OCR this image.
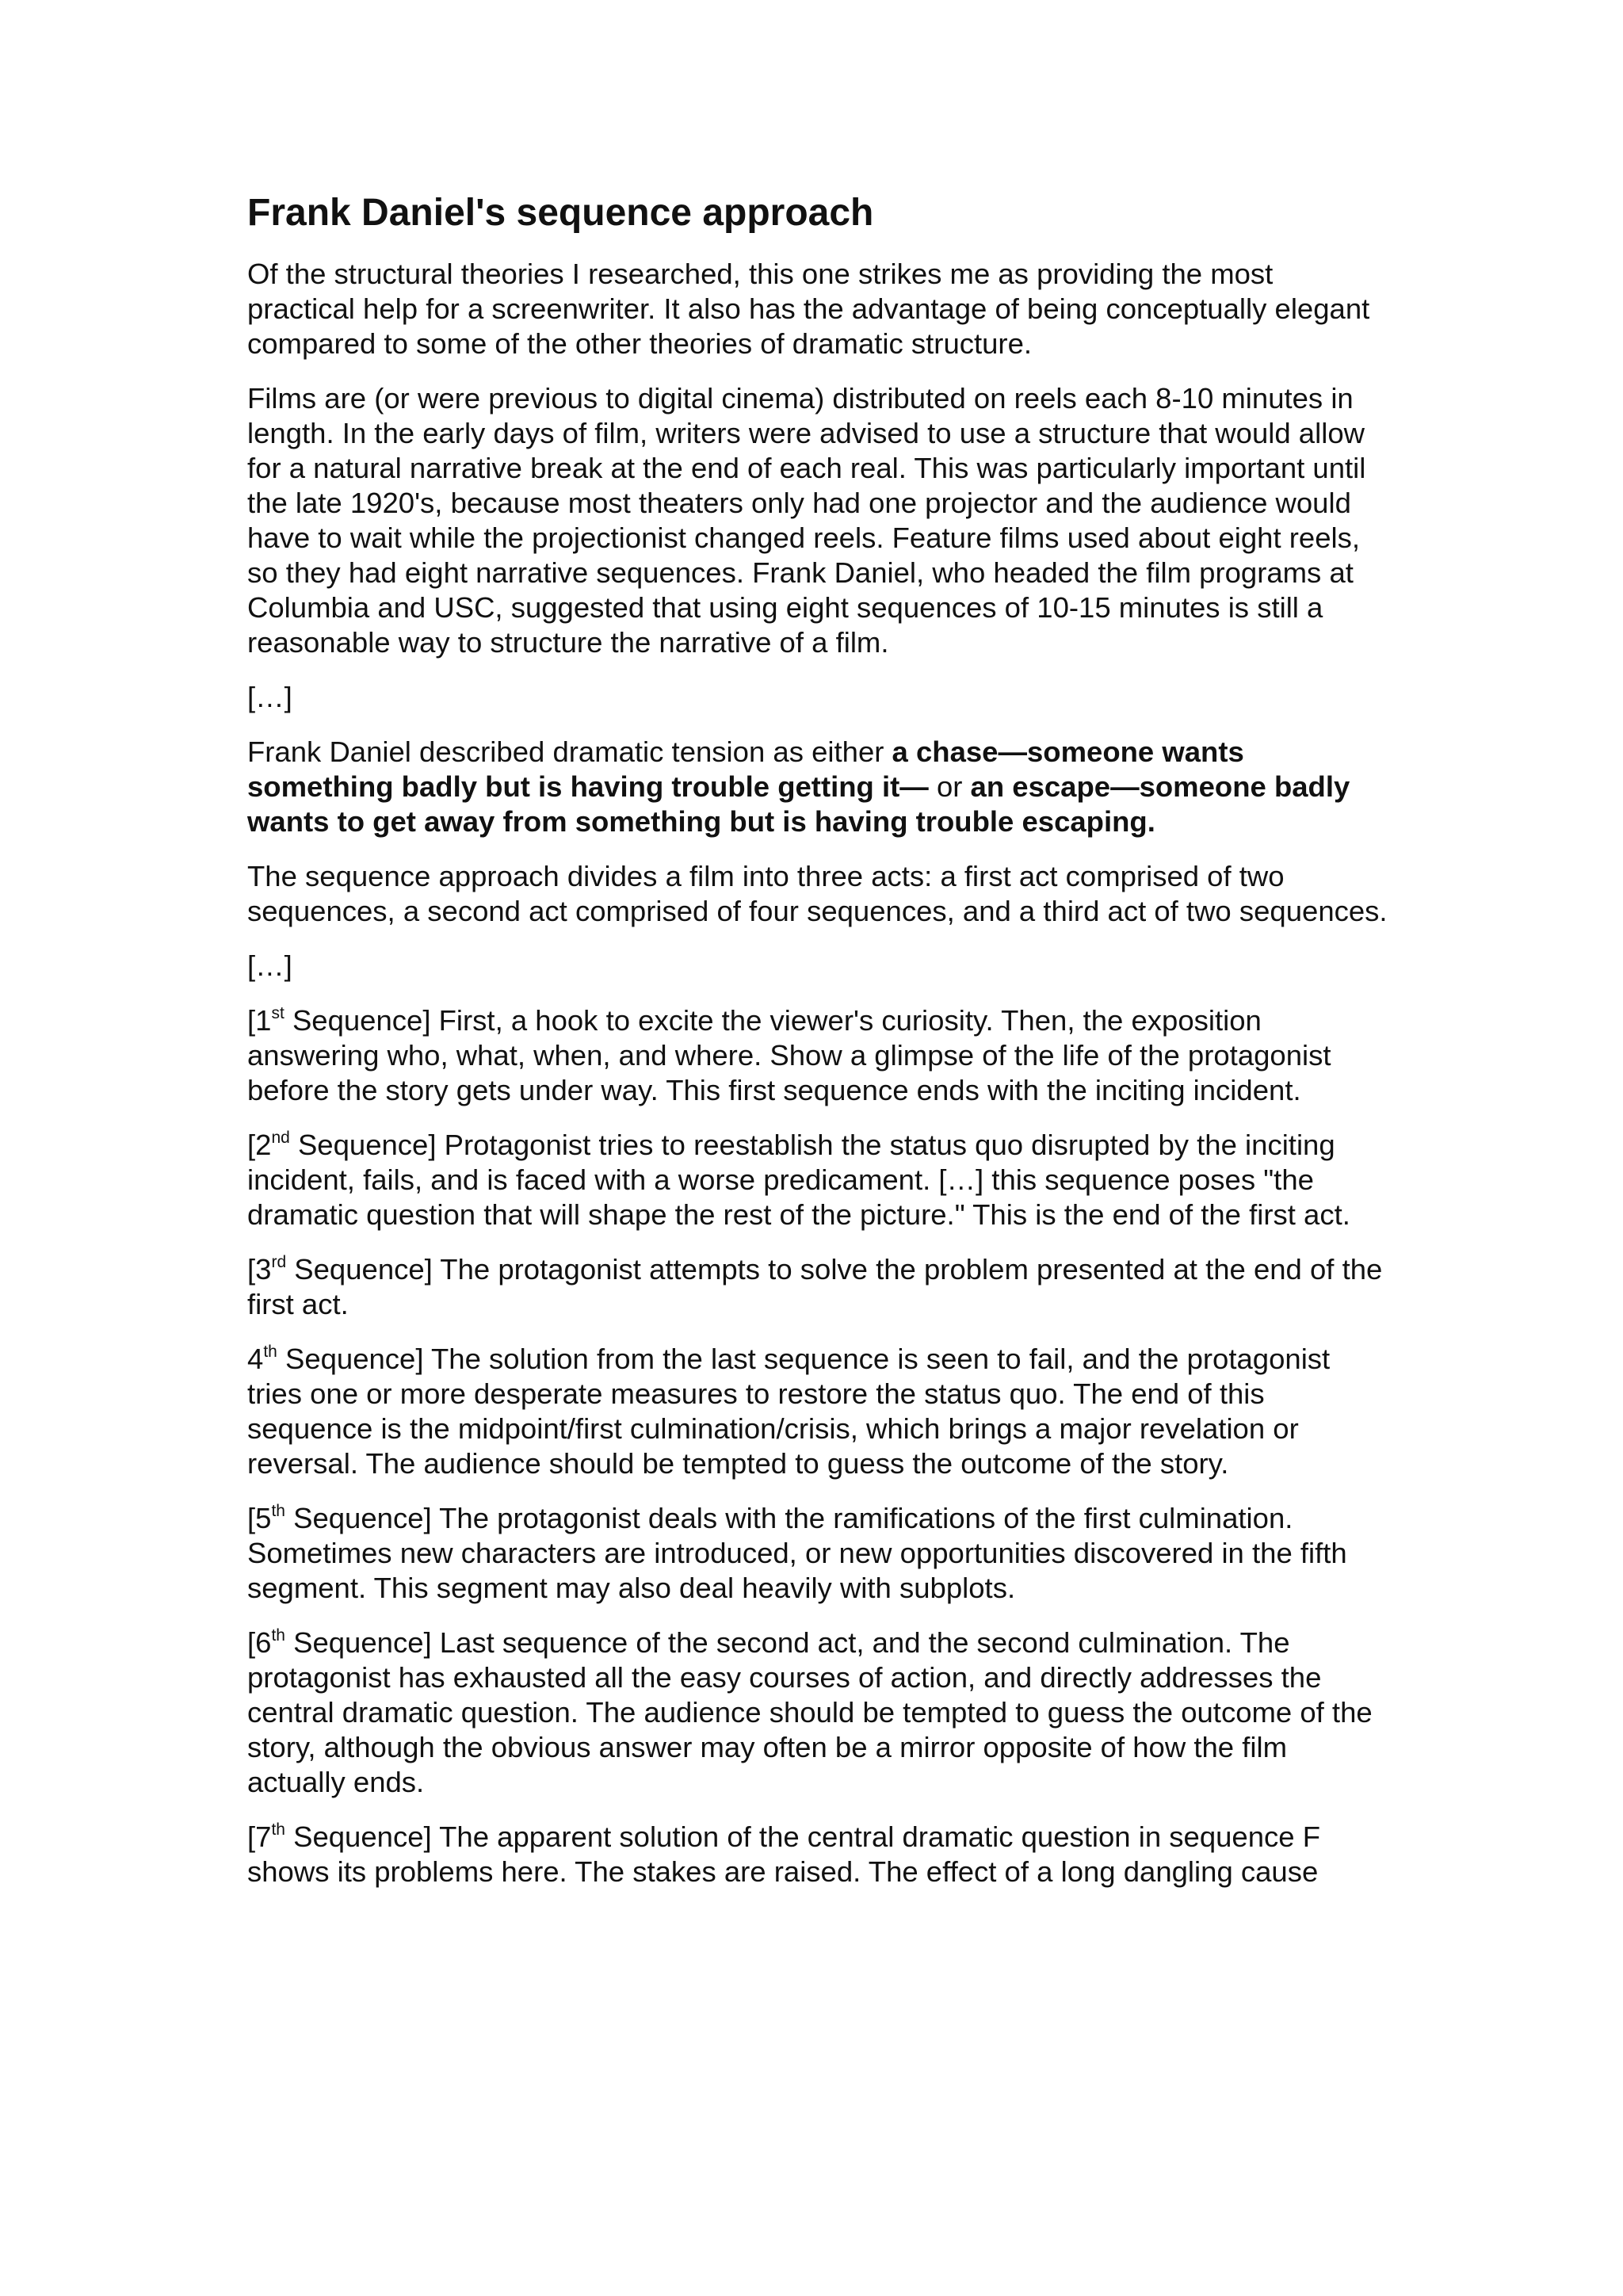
Frank Daniel's sequence approach

Of the structural theories I researched, this one strikes me as providing the most practical help for a screenwriter. It also has the advantage of being conceptually elegant compared to some of the other theories of dramatic structure.

Films are (or were previous to digital cinema) distributed on reels each 8-10 minutes in length. In the early days of film, writers were advised to use a structure that would allow for a natural narrative break at the end of each real. This was particularly important until the late 1920's, because most theaters only had one projector and the audience would have to wait while the projectionist changed reels. Feature films used about eight reels, so they had eight narrative sequences. Frank Daniel, who headed the film programs at Columbia and USC, suggested that using eight sequences of 10-15 minutes is still a reasonable way to structure the narrative of a film.

[…]

Frank Daniel described dramatic tension as either a chase—someone wants something badly but is having trouble getting it— or an escape—someone badly wants to get away from something but is having trouble escaping.

The sequence approach divides a film into three acts: a first act comprised of two sequences, a second act comprised of four sequences, and a third act of two sequences.

[…]

[1st Sequence] First, a hook to excite the viewer's curiosity. Then, the exposition answering who, what, when, and where. Show a glimpse of the life of the protagonist before the story gets under way. This first sequence ends with the inciting incident.

[2nd Sequence] Protagonist tries to reestablish the status quo disrupted by the inciting incident, fails, and is faced with a worse predicament. […] this sequence poses "the dramatic question that will shape the rest of the picture." This is the end of the first act.

[3rd Sequence] The protagonist attempts to solve the problem presented at the end of the first act.

4th Sequence] The solution from the last sequence is seen to fail, and the protagonist tries one or more desperate measures to restore the status quo. The end of this sequence is the midpoint/first culmination/crisis, which brings a major revelation or reversal. The audience should be tempted to guess the outcome of the story.

[5th Sequence] The protagonist deals with the ramifications of the first culmination. Sometimes new characters are introduced, or new opportunities discovered in the fifth segment. This segment may also deal heavily with subplots.

[6th Sequence] Last sequence of the second act, and the second culmination. The protagonist has exhausted all the easy courses of action, and directly addresses the central dramatic question. The audience should be tempted to guess the outcome of the story, although the obvious answer may often be a mirror opposite of how the film actually ends.

[7th Sequence] The apparent solution of the central dramatic question in sequence F shows its problems here. The stakes are raised. The effect of a long dangling cause
